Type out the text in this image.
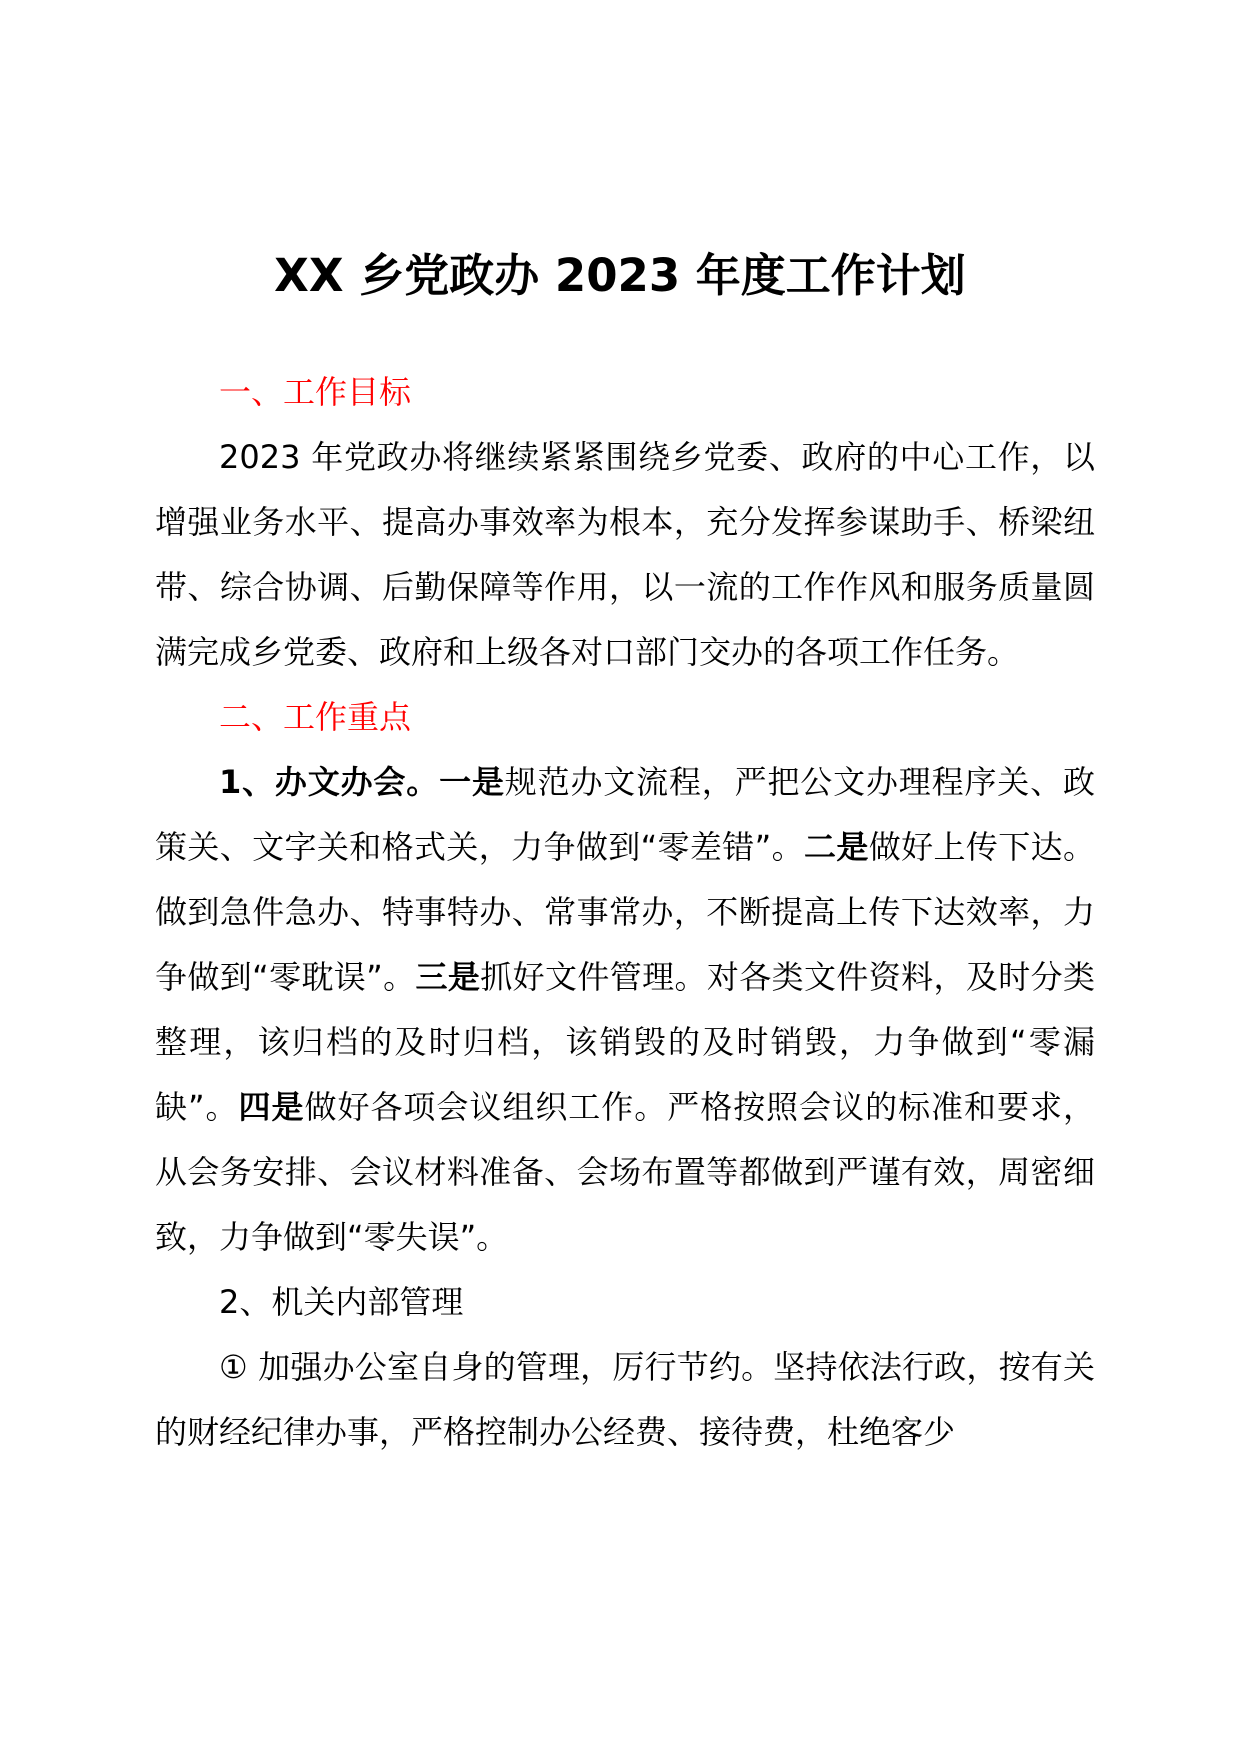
XX 乡党政办 2023 年度工作计划

一、工作目标

2023 年党政办将继续紧紧围绕乡党委、政府的中心工作，以增强业务水平、提高办事效率为根本，充分发挥参谋助手、桥梁纽带、综合协调、后勤保障等作用，以一流的工作作风和服务质量圆满完成乡党委、政府和上级各对口部门交办的各项工作任务。

二、工作重点

1、办文办会。一是规范办文流程，严把公文办理程序关、政策关、文字关和格式关，力争做到“零差错”。二是做好上传下达。做到急件急办、特事特办、常事常办，不断提高上传下达效率，力争做到“零耽误”。三是抓好文件管理。对各类文件资料，及时分类整理，该归档的及时归档，该销毁的及时销毁，力争做到“零漏缺”。四是做好各项会议组织工作。严格按照会议的标准和要求，从会务安排、会议材料准备、会场布置等都做到严谨有效，周密细致，力争做到“零失误”。

2、机关内部管理

① 加强办公室自身的管理，厉行节约。坚持依法行政，按有关的财经纪律办事，严格控制办公经费、接待费，杜绝客少
